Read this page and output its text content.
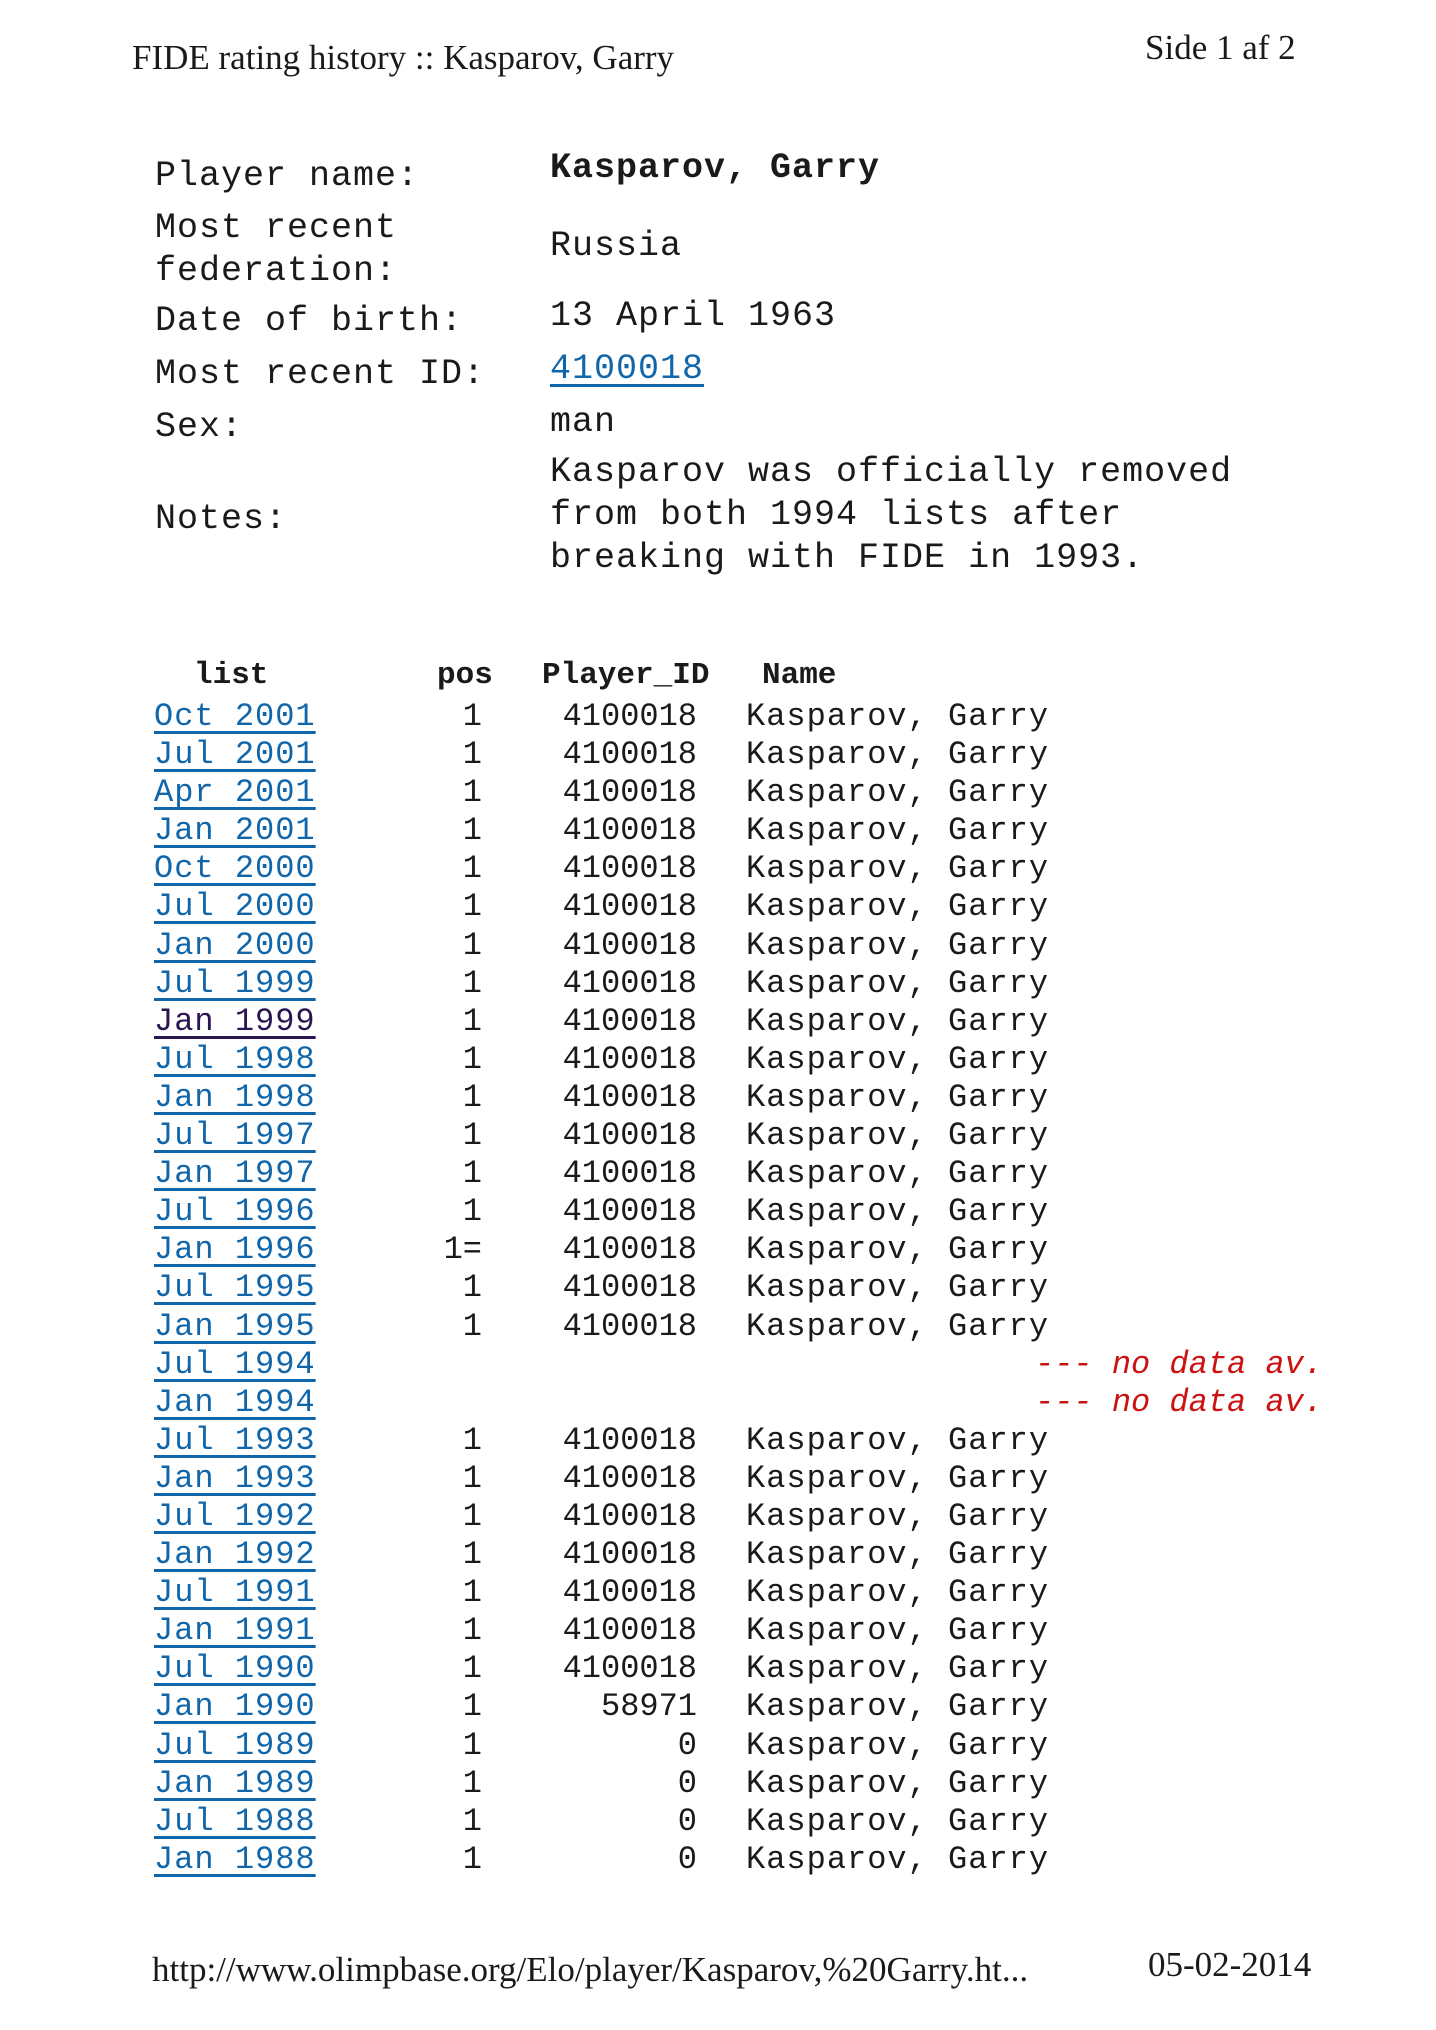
FIDE rating history :: Kasparov, Garry	Side 1 af 2
Player name:	Kasparov, Garry
Most recent
federation:
Russia
Date of birth:	13 April 1963
Most recent ID:	4100018
Sex:	man
Notes:
Kasparov was officially removed
from both 1994 lists after
breaking with FIDE in 1993.
list	pos Player_ID Name
Oct 2001	1	4100018 Kasparov, Garry
Jul 2001	1	4100018 Kasparov, Garry
Apr 2001	1	4100018 Kasparov, Garry
Jan 2001	1	4100018 Kasparov, Garry
Oct 2000	1	4100018 Kasparov, Garry
Jul 2000	1	4100018 Kasparov, Garry
Jan 2000	1	4100018 Kasparov, Garry
Jul 1999	1	4100018 Kasparov, Garry
Jan 1999	1	4100018 Kasparov, Garry
Jul 1998	1	4100018 Kasparov, Garry
Jan 1998	1	4100018 Kasparov, Garry
Jul 1997	1	4100018 Kasparov, Garry
Jan 1997	1	4100018 Kasparov, Garry
Jul 1996	1	4100018 Kasparov, Garry
Jan 1996	1=	4100018 Kasparov, Garry
Jul 1995	1	4100018 Kasparov, Garry
Jan 1995	1	4100018 Kasparov, Garry
Jul 1994	--- no data av.
Jan 1994	--- no data av.
Jul 1993	1	4100018 Kasparov, Garry
Jan 1993	1	4100018 Kasparov, Garry
Jul 1992	1	4100018 Kasparov, Garry
Jan 1992	1	4100018 Kasparov, Garry
Jul 1991	1	4100018 Kasparov, Garry
Jan 1991	1	4100018 Kasparov, Garry
Jul 1990	1	4100018 Kasparov, Garry
Jan 1990	1	58971 Kasparov, Garry
Jul 1989	1	0 Kasparov, Garry
Jan 1989	1	0 Kasparov, Garry
Jul 1988	1	0 Kasparov, Garry
Jan 1988	1	0 Kasparov, Garry
http://www.olimpbase.org/Elo/player/Kasparov,%20Garry.ht...	05-02-2014
